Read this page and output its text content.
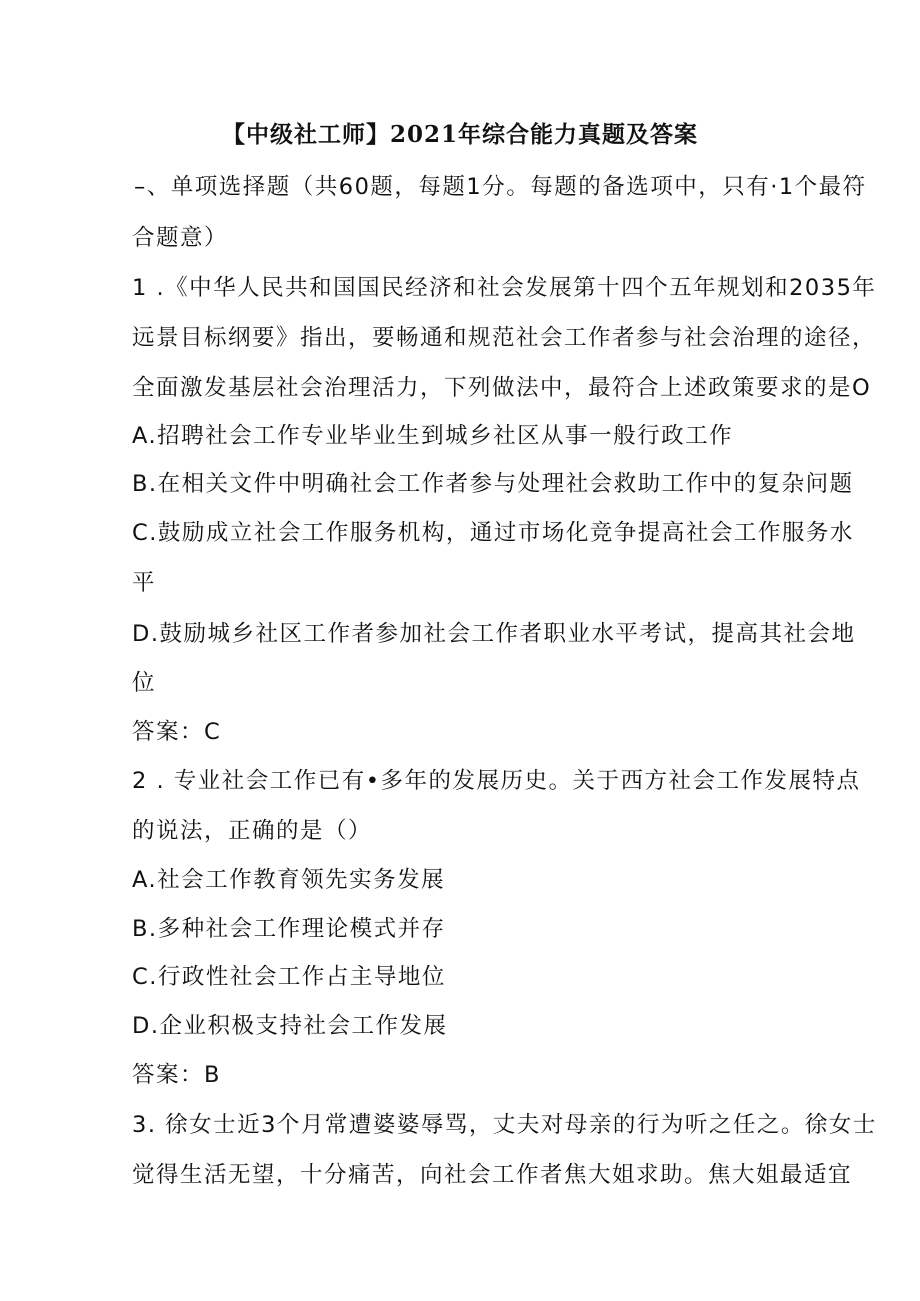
【中级社工师】2021年综合能力真题及答案
–、单项选择题（共60题，每题1分。每题的备选项中，只有·1个最符
合题意）
1 .《中华人民共和国国民经济和社会发展第十四个五年规划和2035年
远景目标纲要》指出，要畅通和规范社会工作者参与社会治理的途径，
全面激发基层社会治理活力，下列做法中，最符合上述政策要求的是O
A.招聘社会工作专业毕业生到城乡社区从事一般行政工作
B.在相关文件中明确社会工作者参与处理社会救助工作中的复杂问题
C.鼓励成立社会工作服务机构，通过市场化竞争提高社会工作服务水
平
D.鼓励城乡社区工作者参加社会工作者职业水平考试，提高其社会地
位
答案：C
2 . 专业社会工作已有•多年的发展历史。关于西方社会工作发展特点
的说法，正确的是（）
A.社会工作教育领先实务发展
B.多种社会工作理论模式并存
C.行政性社会工作占主导地位
D.企业积极支持社会工作发展
答案：B
3. 徐女士近3个月常遭婆婆辱骂，丈夫对母亲的行为听之任之。徐女士
觉得生活无望，十分痛苦，向社会工作者焦大姐求助。焦大姐最适宜
